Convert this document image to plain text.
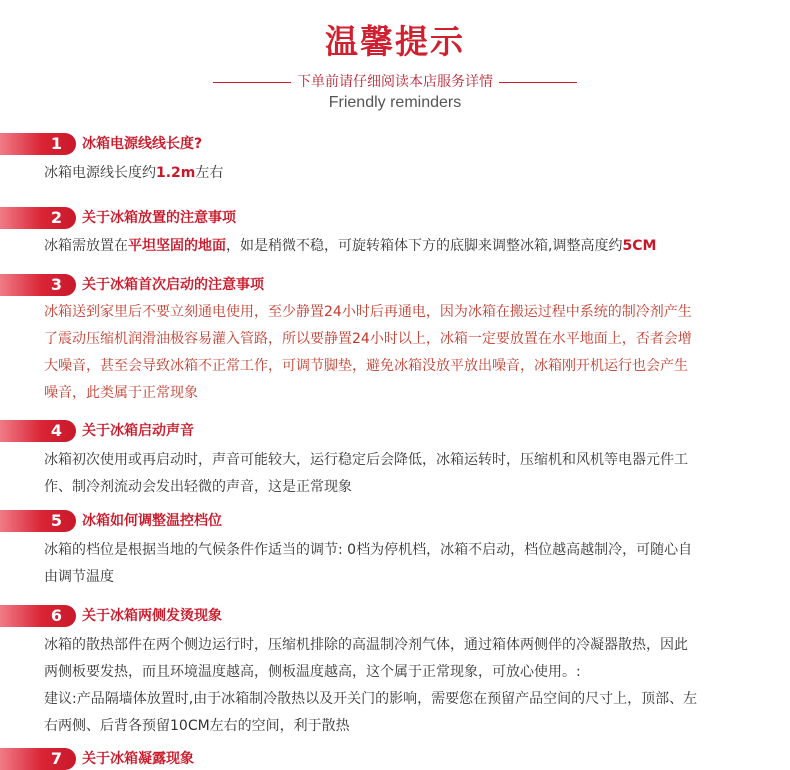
温馨提示
下单前请仔细阅读本店服务详情
Friendly reminders
1	冰箱电源线线长度?

冰箱电源线长度约1.2m左右

2	关于冰箱放置的注意事项

冰箱需放置在平坦坚固的地面，如是稍微不稳，可旋转箱体下方的底脚来调整冰箱,调整高度约5CM

3	关于冰箱首次启动的注意事项

冰箱送到家里后不要立刻通电使用，至少静置24小时后再通电，因为冰箱在搬运过程中系统的制冷剂产生

了震动压缩机润滑油极容易灌入管路，所以要静置24小时以上，冰箱一定要放置在水平地面上，否者会增

大噪音，甚至会导致冰箱不正常工作，可调节脚垫，避免冰箱没放平放出噪音，冰箱刚开机运行也会产生

噪音，此类属于正常现象

4	关于冰箱启动声音

冰箱初次使用或再启动时，声音可能较大，运行稳定后会降低，冰箱运转时，压缩机和风机等电器元件工

作、制冷剂流动会发出轻微的声音，这是正常现象

5	冰箱如何调整温控档位

冰箱的档位是根据当地的气候条件作适当的调节: 0档为停机档，冰箱不启动，档位越高越制冷，可随心自

由调节温度

6	关于冰箱两侧发烫现象

冰箱的散热部件在两个侧边运行时，压缩机排除的高温制冷剂气体，通过箱体两侧伴的冷凝器散热，因此

两侧板要发热，而且环境温度越高，侧板温度越高，这个属于正常现象，可放心使用。:

建议:产品隔墙体放置时,由于冰箱制冷散热以及开关门的影响，需要您在预留产品空间的尺寸上，顶部、左

右两侧、后背各预留10CM左右的空间，利于散热

7	关于冰箱凝露现象
